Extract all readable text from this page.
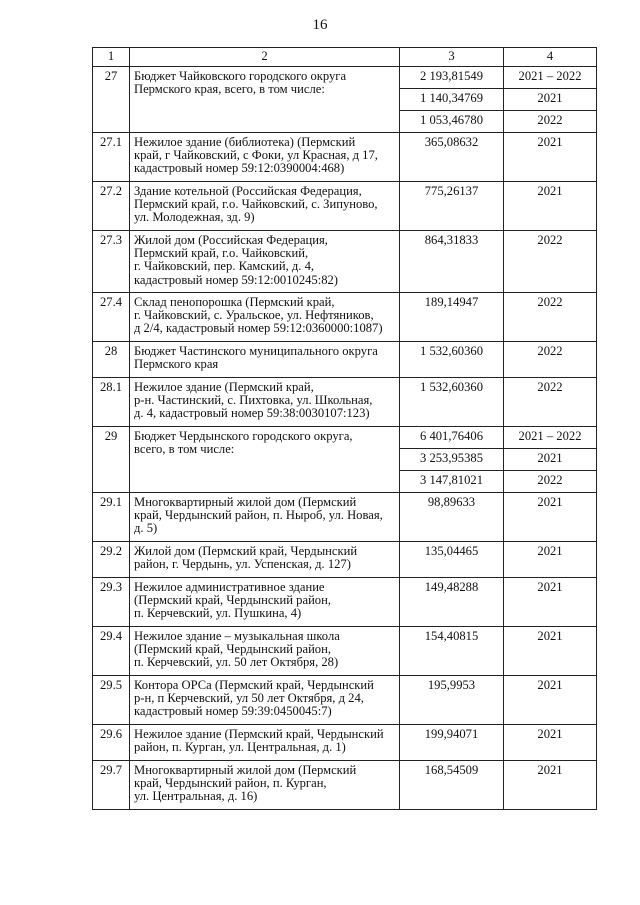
16
1	2	3	4
27	Бюджет Чайковского городского округа
Пермского края, всего, в том числе:	2 193,81549	2021 – 2022
		1 140,34769	2021
		1 053,46780	2022
27.1	Нежилое здание (библиотека) (Пермский
край, г Чайковский, с Фоки, ул Красная, д 17,
кадастровый номер 59:12:0390004:468)	365,08632	2021
27.2	Здание котельной (Российская Федерация,
Пермский край, г.о. Чайковский, с. Зипуново,
ул. Молодежная, зд. 9)	775,26137	2021
27.3	Жилой дом (Российская Федерация,
Пермский край, г.о. Чайковский,
г. Чайковский, пер. Камский, д. 4,
кадастровый номер 59:12:0010245:82)	864,31833	2022
27.4	Склад пенопорошка (Пермский край,
г. Чайковский, с. Уральское, ул. Нефтяников,
д 2/4, кадастровый номер 59:12:0360000:1087)	189,14947	2022
28	Бюджет Частинского муниципального округа
Пермского края	1 532,60360	2022
28.1	Нежилое здание (Пермский край,
р-н. Частинский, с. Пихтовка, ул. Школьная,
д. 4, кадастровый номер 59:38:0030107:123)	1 532,60360	2022
29	Бюджет Чердынского городского округа,
всего, в том числе:	6 401,76406	2021 – 2022
		3 253,95385	2021
		3 147,81021	2022
29.1	Многоквартирный жилой дом (Пермский
край, Чердынский район, п. Ныроб, ул. Новая,
д. 5)	98,89633	2021
29.2	Жилой дом (Пермский край, Чердынский
район, г. Чердынь, ул. Успенская, д. 127)	135,04465	2021
29.3	Нежилое административное здание
(Пермский край, Чердынский район,
п. Керчевский, ул. Пушкина, 4)	149,48288	2021
29.4	Нежилое здание – музыкальная школа
(Пермский край, Чердынский район,
п. Керчевский, ул. 50 лет Октября, 28)	154,40815	2021
29.5	Контора ОРСа (Пермский край, Чердынский
р-н, п Керчевский, ул 50 лет Октября, д 24,
кадастровый номер 59:39:0450045:7)	195,9953	2021
29.6	Нежилое здание (Пермский край, Чердынский
район, п. Курган, ул. Центральная, д. 1)	199,94071	2021
29.7	Многоквартирный жилой дом (Пермский
край, Чердынский район, п. Курган,
ул. Центральная, д. 16)	168,54509	2021
